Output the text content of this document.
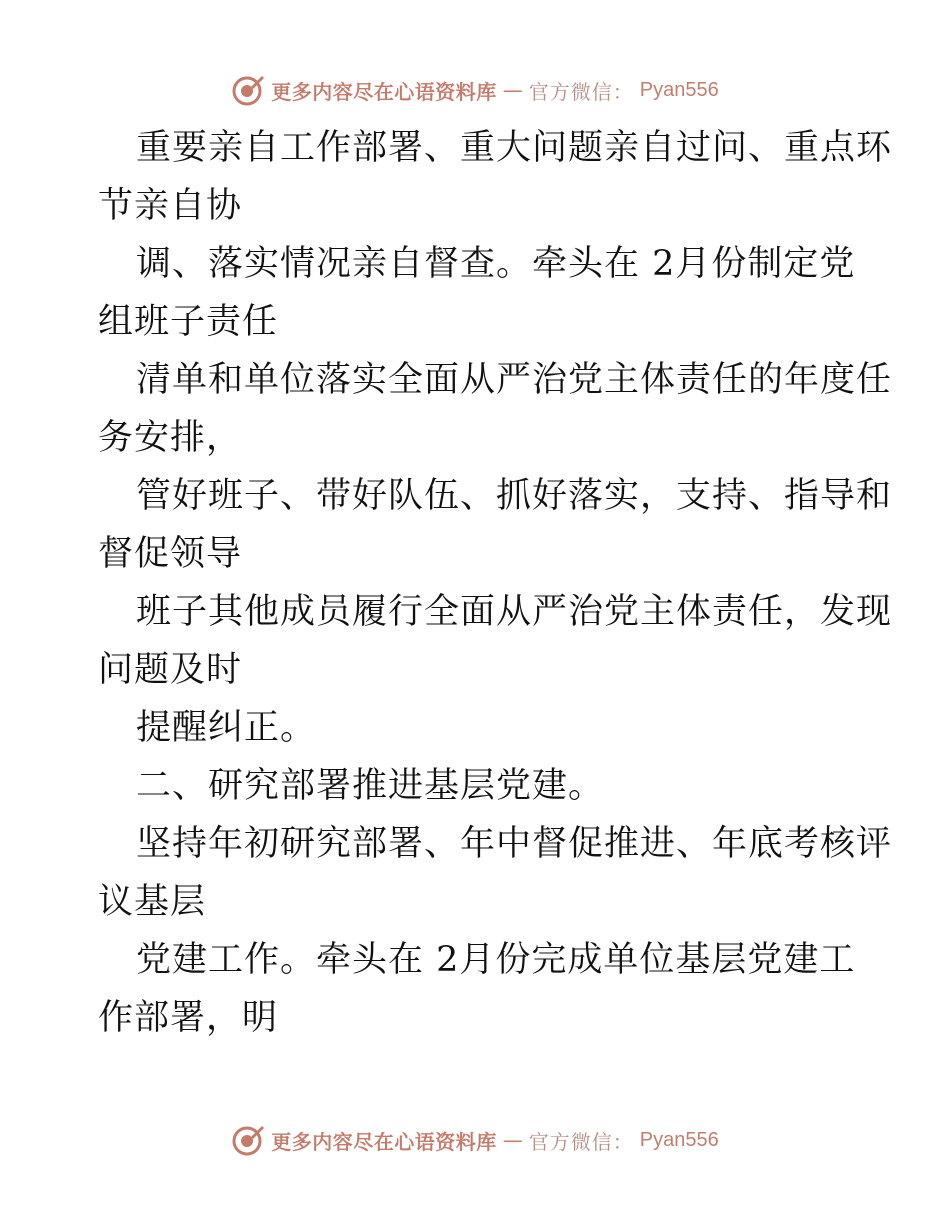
更多内容尽在心语资料库 — 官方微信： Pyan556
重要亲自工作部署、重大问题亲自过问、重点环
节亲自协
调、落实情况亲自督查。牵头在 2月份制定党
组班子责任
清单和单位落实全面从严治党主体责任的年度任
务安排，
管好班子、带好队伍、抓好落实，支持、指导和
督促领导
班子其他成员履行全面从严治党主体责任，发现
问题及时
提醒纠正。
二、研究部署推进基层党建。
坚持年初研究部署、年中督促推进、年底考核评
议基层
党建工作。牵头在 2月份完成单位基层党建工
作部署，明
更多内容尽在心语资料库 — 官方微信： Pyan556
